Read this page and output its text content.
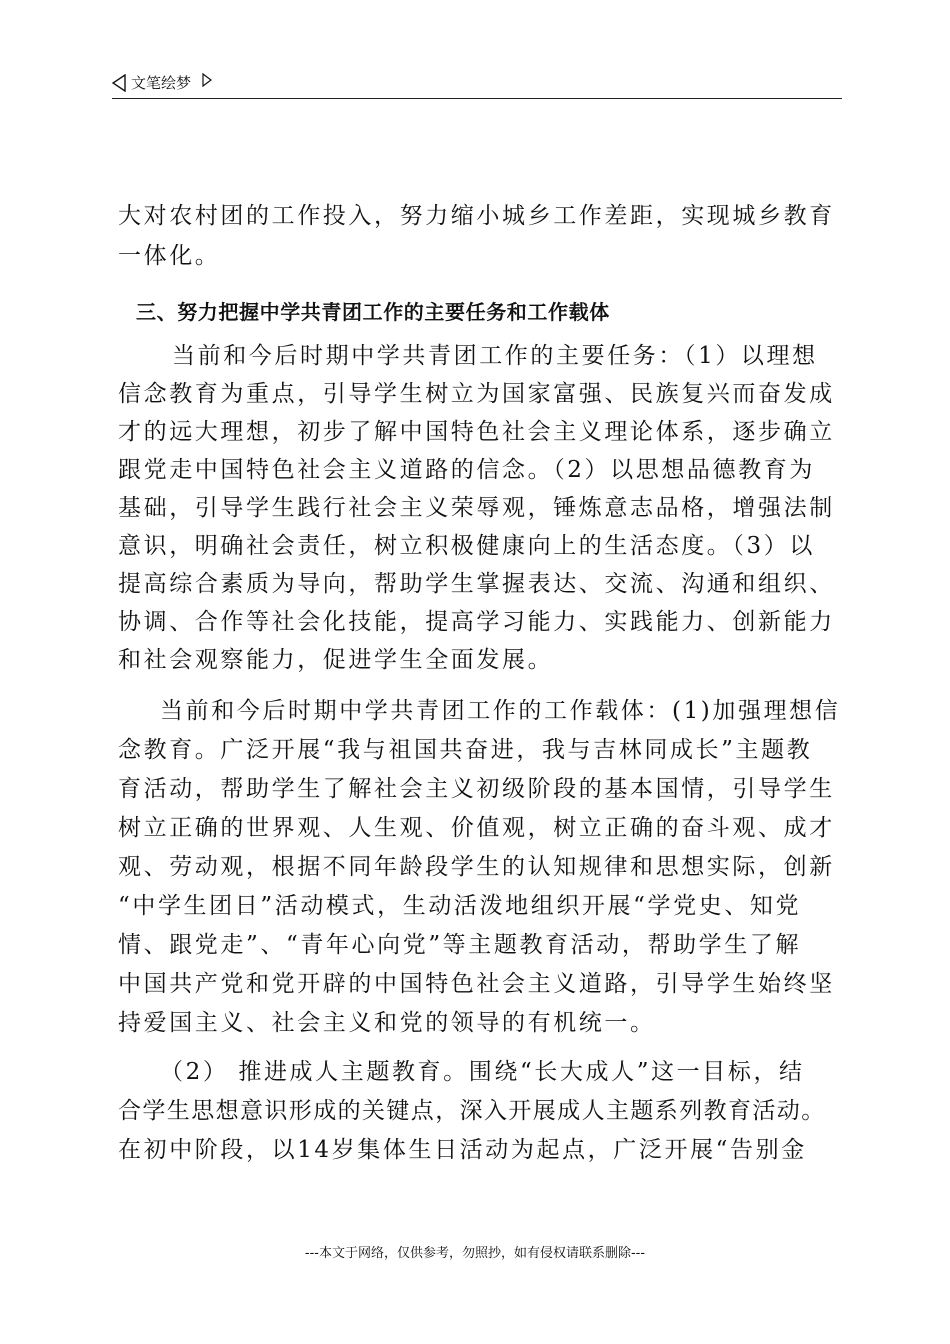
文笔绘梦
大对农村团的工作投入，努力缩小城乡工作差距，实现城乡教育
一体化。
三、努力把握中学共青团工作的主要任务和工作载体
当前和今后时期中学共青团工作的主要任务：（1）以理想
信念教育为重点，引导学生树立为国家富强、民族复兴而奋发成
才的远大理想，初步了解中国特色社会主义理论体系，逐步确立
跟党走中国特色社会主义道路的信念。（2）以思想品德教育为
基础，引导学生践行社会主义荣辱观，锤炼意志品格，增强法制
意识，明确社会责任，树立积极健康向上的生活态度。（3）以
提高综合素质为导向，帮助学生掌握表达、交流、沟通和组织、
协调、合作等社会化技能，提高学习能力、实践能力、创新能力
和社会观察能力，促进学生全面发展。
当前和今后时期中学共青团工作的工作载体：(1)加强理想信
念教育。广泛开展“我与祖国共奋进，我与吉林同成长”主题教
育活动，帮助学生了解社会主义初级阶段的基本国情，引导学生
树立正确的世界观、人生观、价值观，树立正确的奋斗观、成才
观、劳动观，根据不同年龄段学生的认知规律和思想实际，创新
“中学生团日”活动模式，生动活泼地组织开展“学党史、知党
情、跟党走”、“青年心向党”等主题教育活动，帮助学生了解
中国共产党和党开辟的中国特色社会主义道路，引导学生始终坚
持爱国主义、社会主义和党的领导的有机统一。
（2） 推进成人主题教育。围绕“长大成人”这一目标，结
合学生思想意识形成的关键点，深入开展成人主题系列教育活动。
在初中阶段，以14岁集体生日活动为起点，广泛开展“告别金
---本文于网络，仅供参考，勿照抄，如有侵权请联系删除---
